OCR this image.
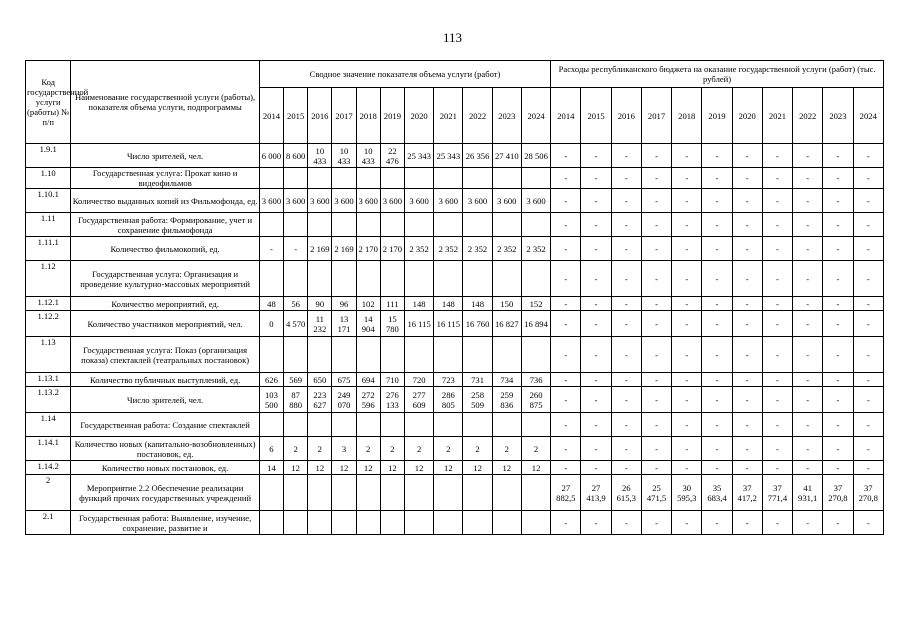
113
Код государственной услуги (работы) № п/п	Наименование государственной услуги (работы), показателя объема услуги, подпрограммы	Сводное значение показателя объема услуги (работ)											Расходы республиканского бюджета на оказание государственной услуги (работ) (тыс. рублей)										
		2014	2015	2016	2017	2018	2019	2020	2021	2022	2023	2024	2014	2015	2016	2017	2018	2019	2020	2021	2022	2023	2024
1.9.1	Число зрителей, чел.	6 000	8 600	10 433	10 433	10 433	22 476	25 343	25 343	26 356	27 410	28 506	-	-	-	-	-	-	-	-	-	-	-
1.10	Государственная услуга: Прокат кино и видеофильмов												-	-	-	-	-	-	-	-	-	-	-
1.10.1	Количество выданных копий из Фильмофонда, ед.	3 600	3 600	3 600	3 600	3 600	3 600	3 600	3 600	3 600	3 600	3 600	-	-	-	-	-	-	-	-	-	-	-
1.11	Государственная работа: Формирование, учет и сохранение фильмофонда												-	-	-	-	-	-	-	-	-	-	-
1.11.1	Количество фильмокопий, ед.	-	-	2 169	2 169	2 170	2 170	2 352	2 352	2 352	2 352	2 352	-	-	-	-	-	-	-	-	-	-	-
1.12	Государственная услуга: Организация и проведение культурно-массовых мероприятий												-	-	-	-	-	-	-	-	-	-	-
1.12.1	Количество мероприятий, ед.	48	56	90	96	102	111	148	148	148	150	152	-	-	-	-	-	-	-	-	-	-	-
1.12.2	Количество участников мероприятий, чел.	0	4 570	11 232	13 171	14 904	15 780	16 115	16 115	16 760	16 827	16 894	-	-	-	-	-	-	-	-	-	-	-
1.13	Государственная услуга: Показ (организация показа) спектаклей (театральных постановок)												-	-	-	-	-	-	-	-	-	-	-
1.13.1	Количество публичных выступлений, ед.	626	569	650	675	694	710	720	723	731	734	736	-	-	-	-	-	-	-	-	-	-	-
1.13.2	Число зрителей, чел.	103 500	87 880	223 627	249 070	272 596	276 133	277 609	286 805	258 509	259 836	260 875	-	-	-	-	-	-	-	-	-	-	-
1.14	Государственная работа: Создание спектаклей												-	-	-	-	-	-	-	-	-	-	-
1.14.1	Количество новых (капитально-возобновленных) постановок, ед.	6	2	2	3	2	2	2	2	2	2	2	-	-	-	-	-	-	-	-	-	-	-
1.14.2	Количество новых постановок, ед.	14	12	12	12	12	12	12	12	12	12	12	-	-	-	-	-	-	-	-	-	-	-
2	Мероприятие 2.2 Обеспечение реализации функций прочих государственных учреждений												27 882,5	27 413,9	26 615,3	25 471,5	30 595,3	35 683,4	37 417,2	37 771,4	41 931,1	37 270,8	37 270,8
2.1	Государственная работа: Выявление, изучение, сохранение, развитие и												-	-	-	-	-	-	-	-	-	-	-
